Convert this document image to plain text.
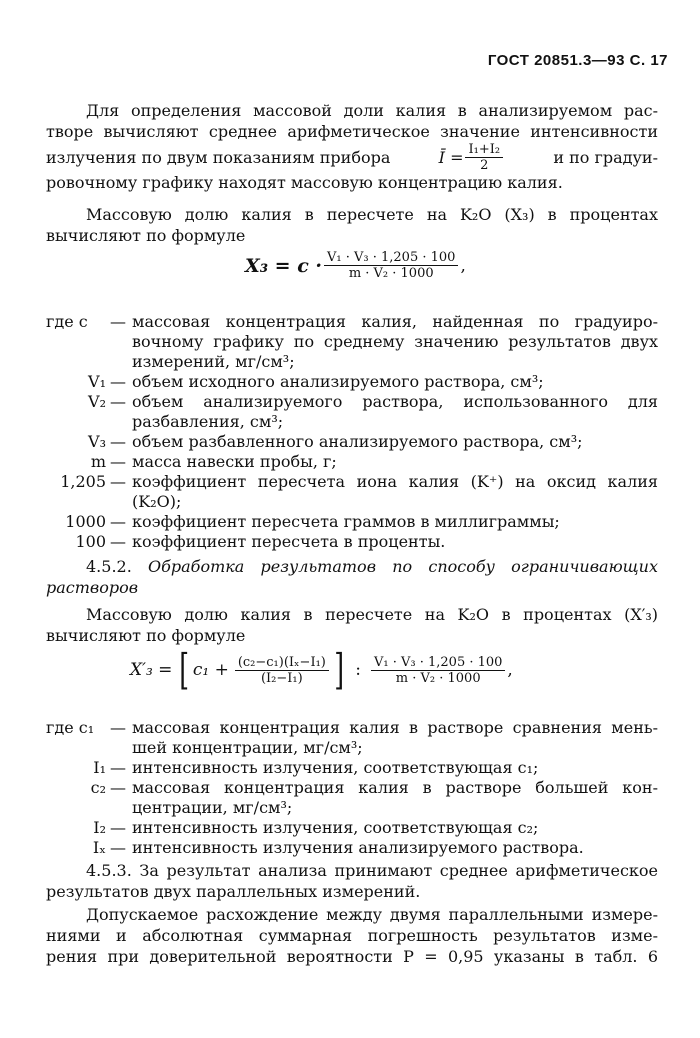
ГОСТ 20851.3—93 С. 17
Для определения массовой доли калия в анализируемом рас-
творе вычисляют среднее арифметическое значение интенсивности
излучения по двум показаниям прибора	Ī = $\frac{\text{I₁+I₂}}{2}$	и по градуи-
ровочному графику находят массовую концентрацию калия.
Массовую долю калия в пересчете на K₂O (X₃) в процентах
вычисляют по формуле
$X_3 = c \cdot \frac{\text{V₁ · V₃ · 1,205 · 100}}{\text{m · V₂ · 1000}}$ ,
где c	— массовая концентрация калия, найденная по градуиро-вочному графику по среднему значению результатов двух измерений, мг/см³;
V₁ — объем исходного анализируемого раствора, см³;
V₂ — объем анализируемого раствора, использованного для разбавления, см³;
V₃ — объем разбавленного анализируемого раствора, см³;
m — масса навески пробы, г;
1,205 — коэффициент пересчета иона калия (K⁺) на оксид калия (K₂O);
1000 — коэффициент пересчета граммов в миллиграммы;
100 — коэффициент пересчета в проценты.
4.5.2. Обработка результатов по способу ограничивающих растворов
Массовую долю калия в пересчете на K₂O в процентах (X′₃)
вычисляют по формуле
X′₃ = [ $c_1 + \frac{\text{(c₂−c₁)(Iₓ−I₁)}}{\text{(I₂−I₁)}}$ ] : $\frac{\text{V₁ · V₃ · 1,205 · 100}}{\text{m · V₂ · 1000}}$ ,
где c₁ — массовая концентрация калия в растворе сравнения мень-шей концентрации, мг/см³;
I₁ — интенсивность излучения, соответствующая c₁;
c₂ — массовая концентрация калия в растворе большей кон-центрации, мг/см³;
I₂ — интенсивность излучения, соответствующая c₂;
Iₓ — интенсивность излучения анализируемого раствора.
4.5.3. За результат анализа принимают среднее арифметическое
результатов двух параллельных измерений.
Допускаемое расхождение между двумя параллельными измере-
ниями и абсолютная суммарная погрешность результатов изме-
рения при доверительной вероятности P = 0,95 указаны в табл. 6
